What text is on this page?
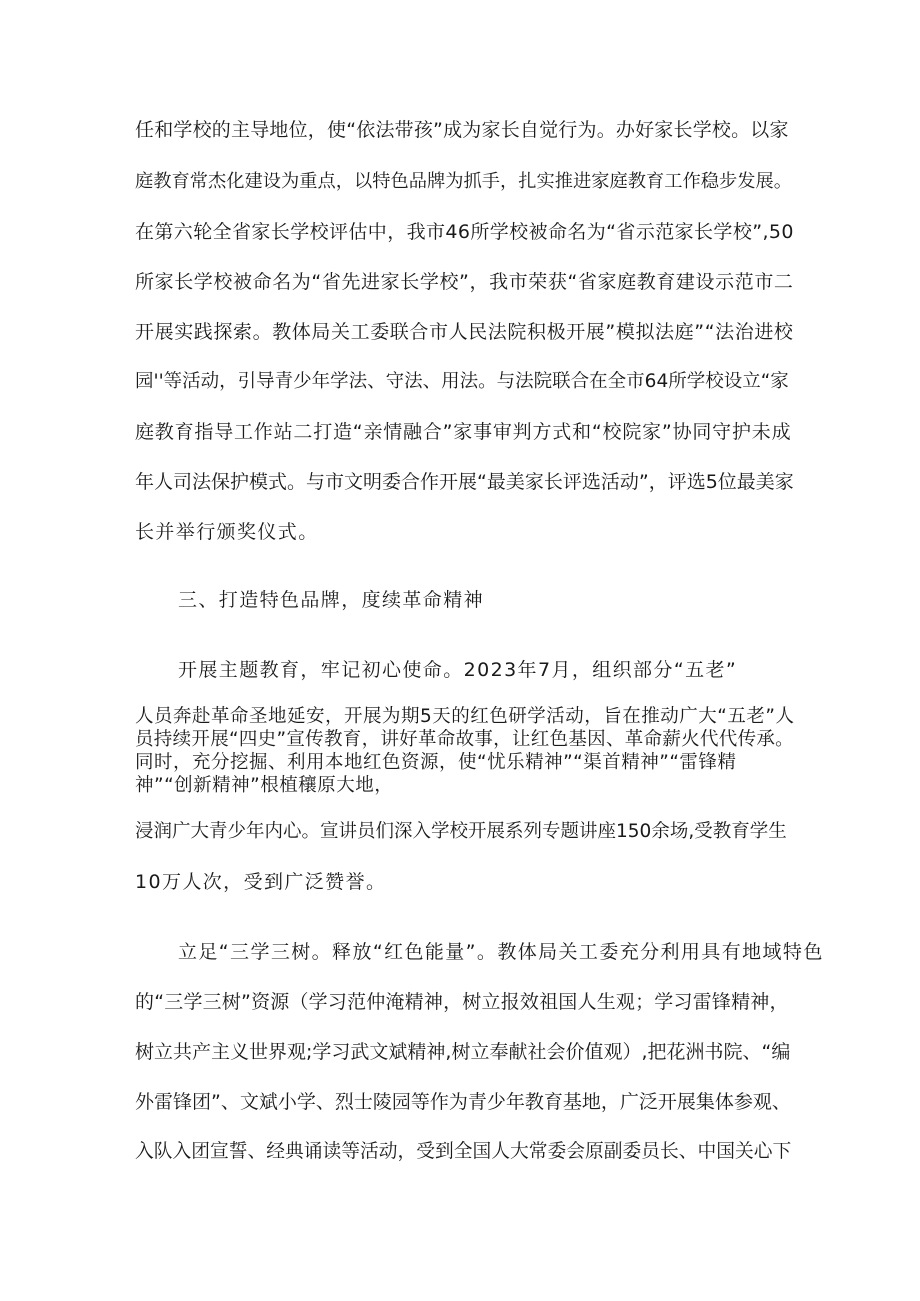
任和学校的主导地位，使“依法带孩”成为家长自觉行为。办好家长学校。以家
庭教育常杰化建设为重点，以特色品牌为抓手，扎实推进家庭教育工作稳步发展。
在第六轮全省家长学校评估中，我市46所学校被命名为“省示范家长学校”,50
所家长学校被命名为“省先进家长学校”，我市荣获“省家庭教育建设示范市二
开展实践探索。教体局关工委联合市人民法院积极开展”模拟法庭”“法治进校
园''等活动，引导青少年学法、守法、用法。与法院联合在全市64所学校设立“家
庭教育指导工作站二打造“亲情融合”家事审判方式和“校院家”协同守护未成
年人司法保护模式。与市文明委合作开展“最美家长评选活动”，评选5位最美家
长并举行颁奖仪式。
三、打造特色品牌，度续革命精神
开展主题教育，牢记初心使命。2023年7月，组织部分“五老”
人员奔赴革命圣地延安，开展为期5天的红色研学活动，旨在推动广大“五老”人
员持续开展“四史”宣传教育，讲好革命故事，让红色基因、革命薪火代代传承。
同时，充分挖掘、利用本地红色资源，使“忧乐精神”“渠首精神”“雷锋精
神”“创新精神”根植穰原大地，
浸润广大青少年内心。宣讲员们深入学校开展系列专题讲座150余场,受教育学生
10万人次，受到广泛赞誉。
立足“三学三树。释放“红色能量”。教体局关工委充分利用具有地域特色
的“三学三树”资源（学习范仲淹精神，树立报效祖国人生观；学习雷锋精神，
树立共产主义世界观;学习武文斌精神,树立奉献社会价值观）,把花洲书院、“编
外雷锋团”、文斌小学、烈士陵园等作为青少年教育基地，广泛开展集体参观、
入队入团宣誓、经典诵读等活动，受到全国人大常委会原副委员长、中国关心下
